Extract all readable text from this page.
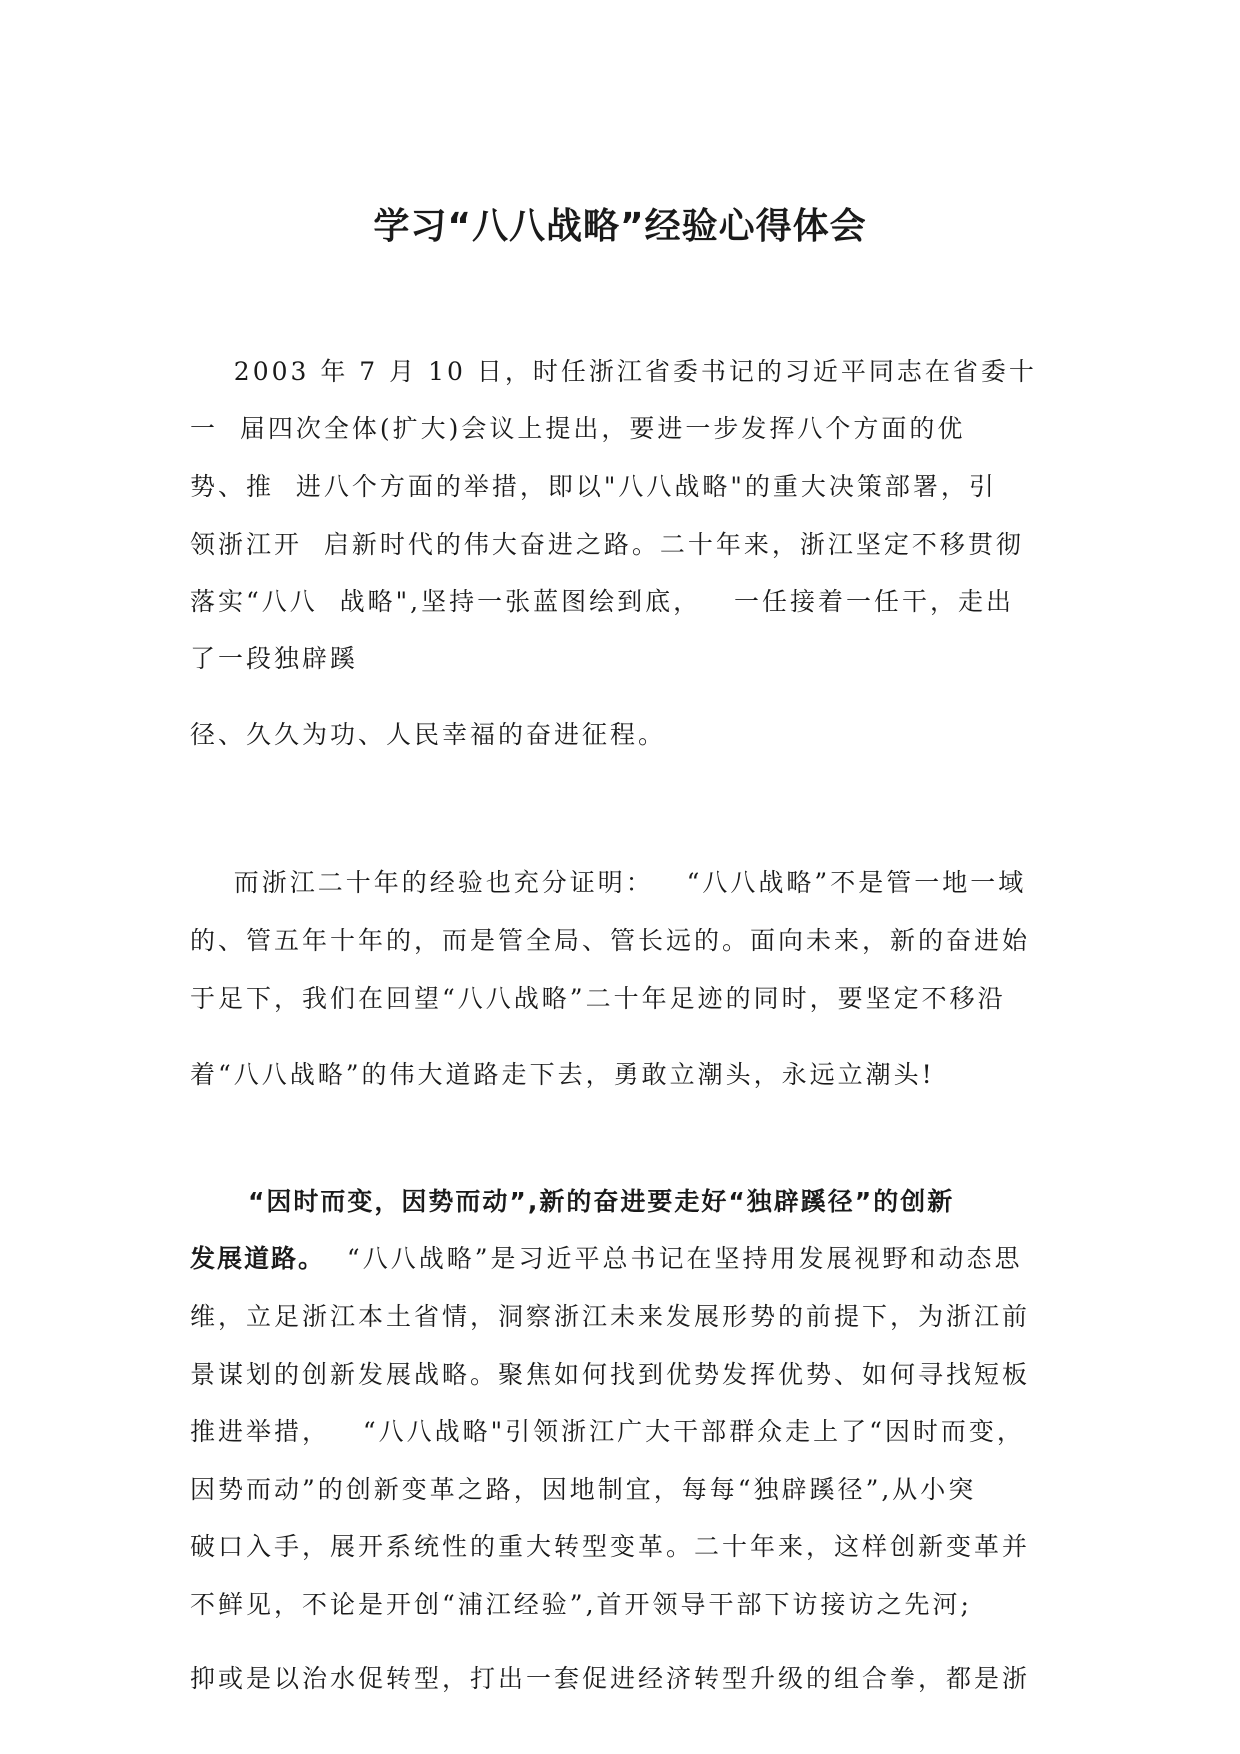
学习“八八战略”经验心得体会
2003 年 7 月 10 日，时任浙江省委书记的习近平同志在省委十
一  届四次全体(扩大)会议上提出，要进一步发挥八个方面的优
势、推  进八个方面的举措，即以"八八战略"的重大决策部署，引
领浙江开  启新时代的伟大奋进之路。二十年来，浙江坚定不移贯彻
落实“八八  战略",坚持一张蓝图绘到底，   一任接着一任干，走出
了一段独辟蹊
径、久久为功、人民幸福的奋进征程。
而浙江二十年的经验也充分证明：   “八八战略”不是管一地一域
的、管五年十年的，而是管全局、管长远的。面向未来，新的奋进始
于足下，我们在回望“八八战略”二十年足迹的同时，要坚定不移沿
着“八八战略”的伟大道路走下去，勇敢立潮头，永远立潮头!
“因时而变，因势而动”,新的奋进要走好“独辟蹊径”的创新
发展道路。  “八八战略”是习近平总书记在坚持用发展视野和动态思
维，立足浙江本土省情，洞察浙江未来发展形势的前提下，为浙江前
景谋划的创新发展战略。聚焦如何找到优势发挥优势、如何寻找短板
推进举措，   “八八战略"引领浙江广大干部群众走上了“因时而变，
因势而动”的创新变革之路，因地制宜，每每“独辟蹊径”,从小突
破口入手，展开系统性的重大转型变革。二十年来，这样创新变革并
不鲜见，不论是开创“浦江经验”,首开领导干部下访接访之先河;
抑或是以治水促转型，打出一套促进经济转型升级的组合拳，都是浙
